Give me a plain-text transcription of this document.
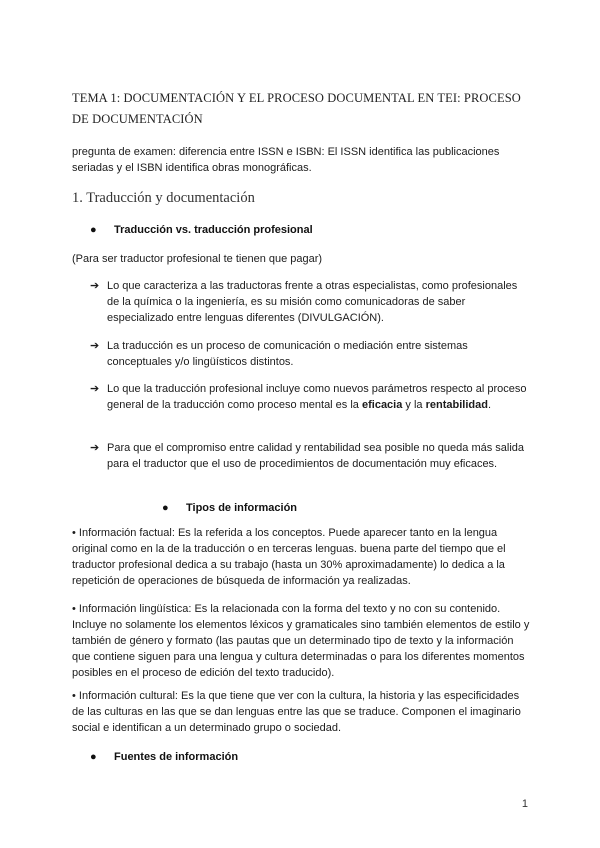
TEMA 1: DOCUMENTACIÓN Y EL PROCESO DOCUMENTAL EN TEI: PROCESO DE DOCUMENTACIÓN
pregunta de examen: diferencia entre ISSN e ISBN: El ISSN identifica las publicaciones seriadas y el ISBN identifica obras monográficas.
1. Traducción y documentación
● Traducción vs. traducción profesional
(Para ser traductor profesional te tienen que pagar)
➔ Lo que caracteriza a las traductoras frente a otras especialistas, como profesionales de la química o la ingeniería, es su misión como comunicadoras de saber especializado entre lenguas diferentes (DIVULGACIÓN).
➔ La traducción es un proceso de comunicación o mediación entre sistemas conceptuales y/o lingüísticos distintos.
➔ Lo que la traducción profesional incluye como nuevos parámetros respecto al proceso general de la traducción como proceso mental es la eficacia y la rentabilidad.
➔ Para que el compromiso entre calidad y rentabilidad sea posible no queda más salida para el traductor que el uso de procedimientos de documentación muy eficaces.
● Tipos de información
• Información factual: Es la referida a los conceptos. Puede aparecer tanto en la lengua original como en la de la traducción o en terceras lenguas. buena parte del tiempo que el traductor profesional dedica a su trabajo (hasta un 30% aproximadamente) lo dedica a la repetición de operaciones de búsqueda de información ya realizadas.
• Información lingüística: Es la relacionada con la forma del texto y no con su contenido. Incluye no solamente los elementos léxicos y gramaticales sino también elementos de estilo y también de género y formato (las pautas que un determinado tipo de texto y la información que contiene siguen para una lengua y cultura determinadas o para los diferentes momentos posibles en el proceso de edición del texto traducido).
• Información cultural: Es la que tiene que ver con la cultura, la historia y las especificidades de las culturas en las que se dan lenguas entre las que se traduce. Componen el imaginario social e identifican a un determinado grupo o sociedad.
● Fuentes de información
1
